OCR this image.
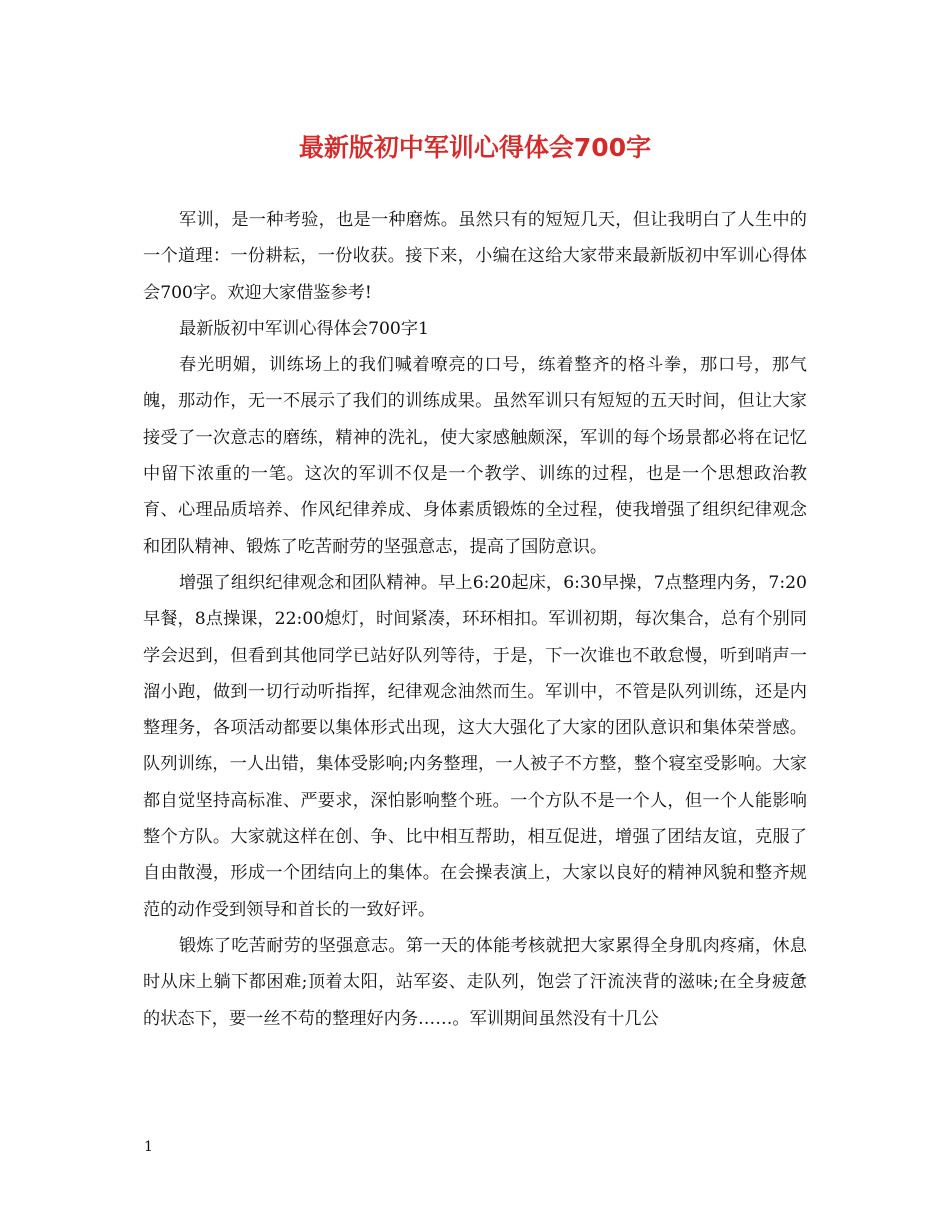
最新版初中军训心得体会700字

军训，是一种考验，也是一种磨炼。虽然只有的短短几天，但让我明白了人生中的一个道理：一份耕耘，一份收获。接下来，小编在这给大家带来最新版初中军训心得体会700字。欢迎大家借鉴参考!

最新版初中军训心得体会700字1

春光明媚，训练场上的我们喊着嘹亮的口号，练着整齐的格斗拳，那口号，那气魄，那动作，无一不展示了我们的训练成果。虽然军训只有短短的五天时间，但让大家接受了一次意志的磨练，精神的洗礼，使大家感触颇深，军训的每个场景都必将在记忆中留下浓重的一笔。这次的军训不仅是一个教学、训练的过程，也是一个思想政治教育、心理品质培养、作风纪律养成、身体素质锻炼的全过程，使我增强了组织纪律观念和团队精神、锻炼了吃苦耐劳的坚强意志，提高了国防意识。

增强了组织纪律观念和团队精神。早上6:20起床，6:30早操，7点整理内务，7:20早餐，8点操课，22:00熄灯，时间紧凑，环环相扣。军训初期，每次集合，总有个别同学会迟到，但看到其他同学已站好队列等待，于是，下一次谁也不敢怠慢，听到哨声一溜小跑，做到一切行动听指挥，纪律观念油然而生。军训中，不管是队列训练，还是内整理务，各项活动都要以集体形式出现，这大大强化了大家的团队意识和集体荣誉感。队列训练，一人出错，集体受影响;内务整理，一人被子不方整，整个寝室受影响。大家都自觉坚持高标准、严要求，深怕影响整个班。一个方队不是一个人，但一个人能影响整个方队。大家就这样在创、争、比中相互帮助，相互促进，增强了团结友谊，克服了自由散漫，形成一个团结向上的集体。在会操表演上，大家以良好的精神风貌和整齐规范的动作受到领导和首长的一致好评。

锻炼了吃苦耐劳的坚强意志。第一天的体能考核就把大家累得全身肌肉疼痛，休息时从床上躺下都困难;顶着太阳，站军姿、走队列，饱尝了汗流浃背的滋味;在全身疲惫的状态下，要一丝不苟的整理好内务……。军训期间虽然没有十几公

1
